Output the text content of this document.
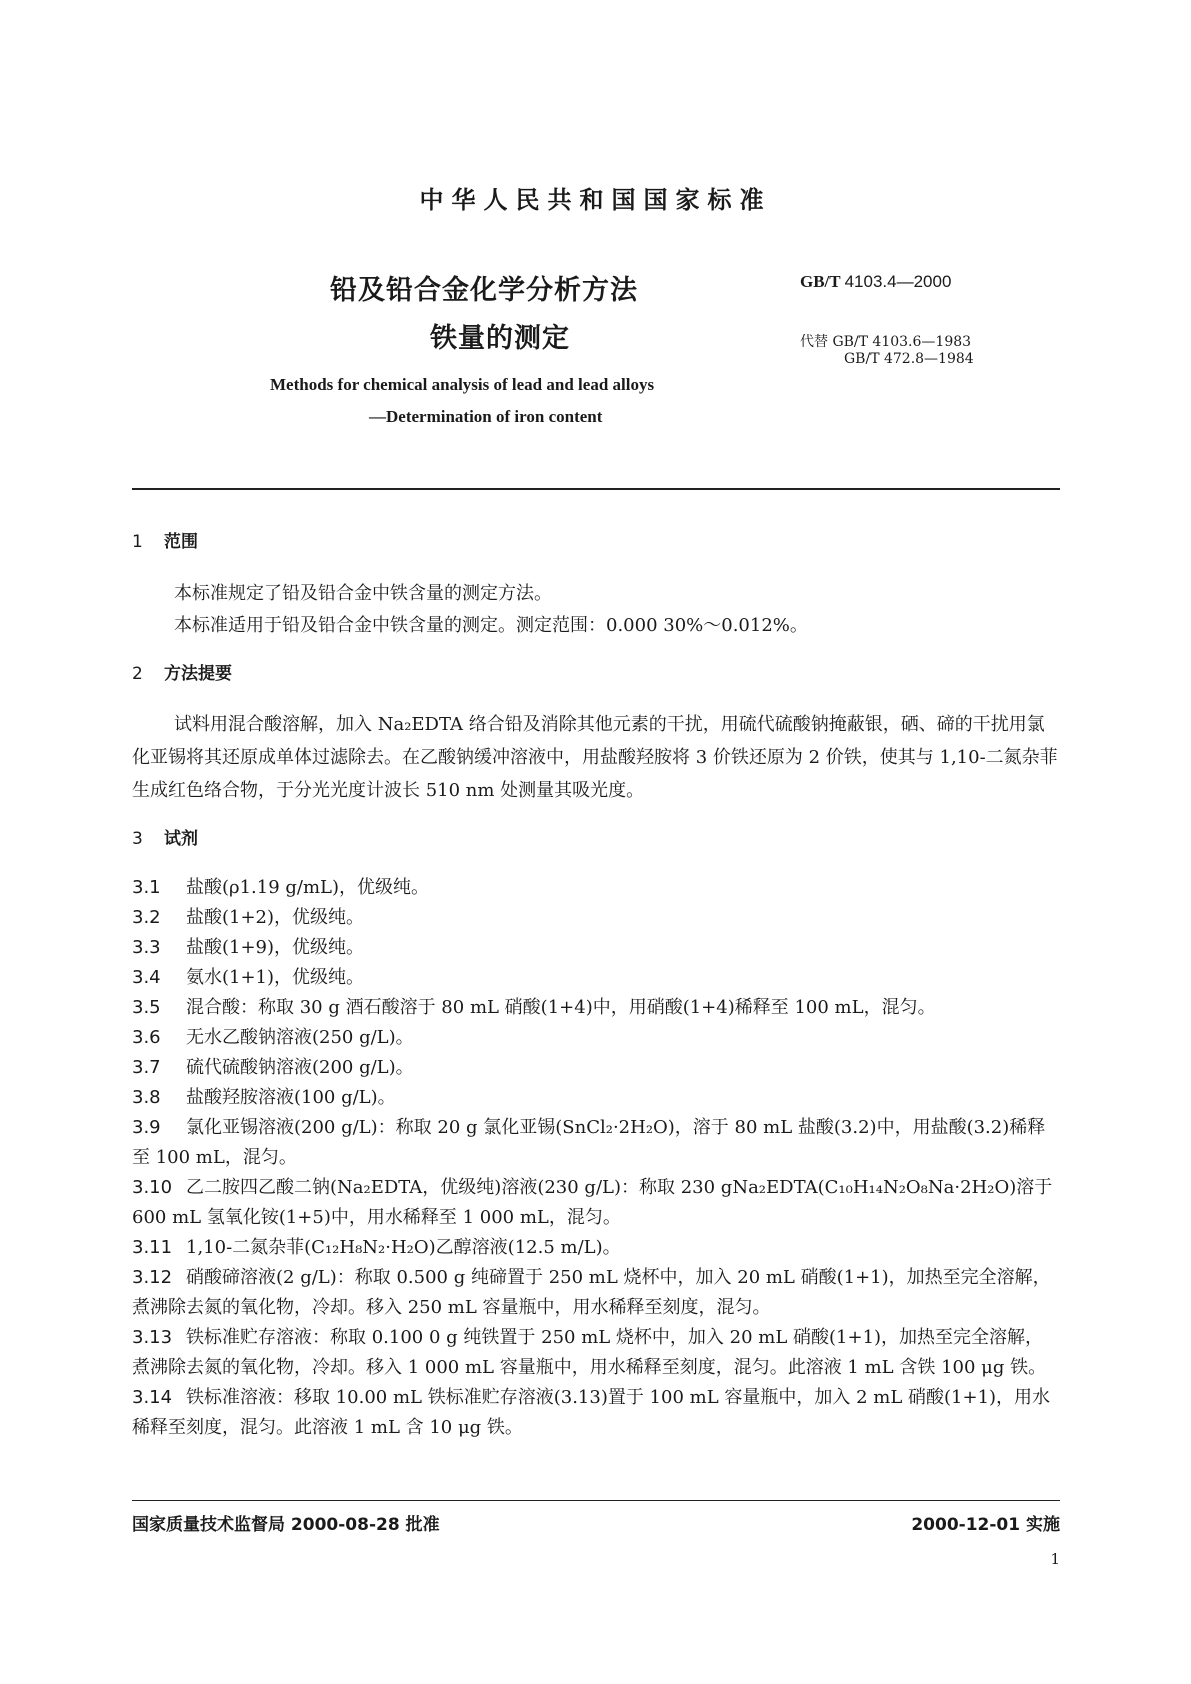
中华人民共和国国家标准
铅及铅合金化学分析方法
铁量的测定
GB/T 4103.4—2000
代替 GB/T 4103.6—1983
GB/T 472.8—1984
Methods for chemical analysis of lead and lead alloys
—Determination of iron content
1 范围

本标准规定了铅及铅合金中铁含量的测定方法。

本标准适用于铅及铅合金中铁含量的测定。测定范围：0.000 30%～0.012%。

2 方法提要

试料用混合酸溶解，加入 Na₂EDTA 络合铅及消除其他元素的干扰，用硫代硫酸钠掩蔽银，硒、碲的干扰用氯化亚锡将其还原成单体过滤除去。在乙酸钠缓冲溶液中，用盐酸羟胺将 3 价铁还原为 2 价铁，使其与 1,10-二氮杂菲生成红色络合物，于分光光度计波长 510 nm 处测量其吸光度。

3 试剂

3.1 盐酸(ρ1.19 g/mL)，优级纯。

3.2 盐酸(1+2)，优级纯。

3.3 盐酸(1+9)，优级纯。

3.4 氨水(1+1)，优级纯。

3.5 混合酸：称取 30 g 酒石酸溶于 80 mL 硝酸(1+4)中，用硝酸(1+4)稀释至 100 mL，混匀。

3.6 无水乙酸钠溶液(250 g/L)。

3.7 硫代硫酸钠溶液(200 g/L)。

3.8 盐酸羟胺溶液(100 g/L)。

3.9 氯化亚锡溶液(200 g/L)：称取 20 g 氯化亚锡(SnCl₂·2H₂O)，溶于 80 mL 盐酸(3.2)中，用盐酸(3.2)稀释至 100 mL，混匀。

3.10 乙二胺四乙酸二钠(Na₂EDTA，优级纯)溶液(230 g/L)：称取 230 gNa₂EDTA(C₁₀H₁₄N₂O₈Na·2H₂O)溶于 600 mL 氢氧化铵(1+5)中，用水稀释至 1 000 mL，混匀。

3.11 1,10-二氮杂菲(C₁₂H₈N₂·H₂O)乙醇溶液(12.5 m/L)。

3.12 硝酸碲溶液(2 g/L)：称取 0.500 g 纯碲置于 250 mL 烧杯中，加入 20 mL 硝酸(1+1)，加热至完全溶解，煮沸除去氮的氧化物，冷却。移入 250 mL 容量瓶中，用水稀释至刻度，混匀。

3.13 铁标准贮存溶液：称取 0.100 0 g 纯铁置于 250 mL 烧杯中，加入 20 mL 硝酸(1+1)，加热至完全溶解，煮沸除去氮的氧化物，冷却。移入 1 000 mL 容量瓶中，用水稀释至刻度，混匀。此溶液 1 mL 含铁 100 μg 铁。

3.14 铁标准溶液：移取 10.00 mL 铁标准贮存溶液(3.13)置于 100 mL 容量瓶中，加入 2 mL 硝酸(1+1)，用水稀释至刻度，混匀。此溶液 1 mL 含 10 μg 铁。

国家质量技术监督局 2000-08-28 批准	2000-12-01 实施
1
